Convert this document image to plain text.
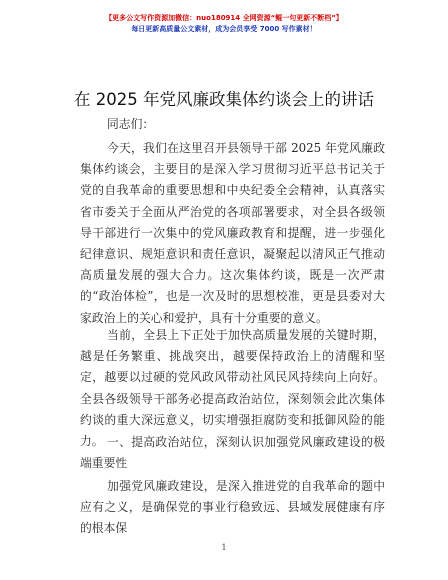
【更多公文写作资源加微信：nuo180914 全网资源“鲲一句更新不断档”】
每日更新高质量公文素材，成为会员享受 7000 写作素材！
在 2025 年党风廉政集体约谈会上的讲话
同志们：

今天，我们在这里召开县领导干部 2025 年党风廉政集体约谈会，主要目的是深入学习贯彻习近平总书记关于党的自我革命的重要思想和中央纪委全会精神，认真落实省市委关于全面从严治党的各项部署要求，对全县各级领导干部进行一次集中的党风廉政教育和提醒，进一步强化纪律意识、规矩意识和责任意识，凝聚起以清风正气推动高质量发展的强大合力。这次集体约谈，既是一次严肃的“政治体检”，也是一次及时的思想校准，更是县委对大家政治上的关心和爱护，具有十分重要的意义。

当前，全县上下正处于加快高质量发展的关键时期，越是任务繁重、挑战突出，越要保持政治上的清醒和坚定，越要以过硬的党风政风带动社风民风持续向上向好。全县各级领导干部务必提高政治站位，深刻领会此次集体约谈的重大深远意义，切实增强拒腐防变和抵御风险的能力。 一、提高政治站位，深刻认识加强党风廉政建设的极端重要性

加强党风廉政建设，是深入推进党的自我革命的题中应有之义，是确保党的事业行稳致远、县域发展健康有序的根本保

1
